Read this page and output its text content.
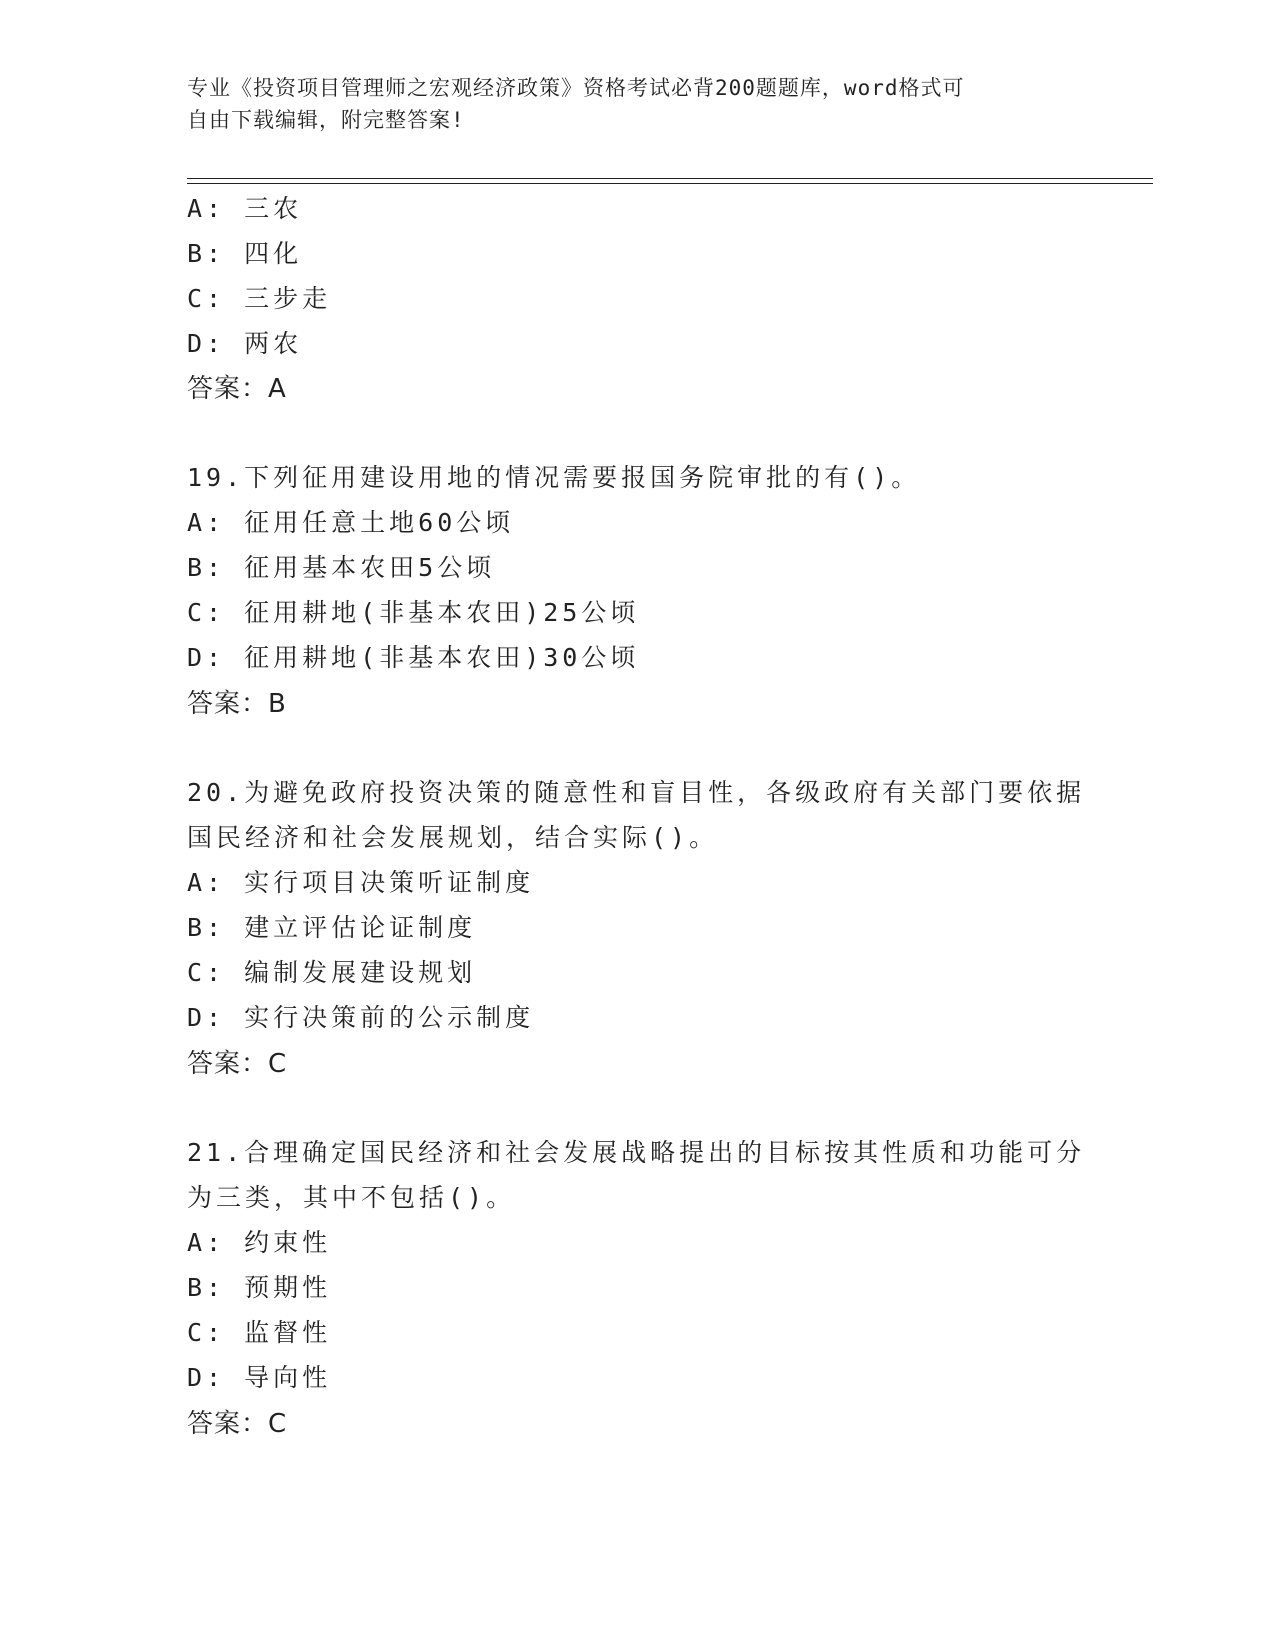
专业《投资项目管理师之宏观经济政策》资格考试必背200题题库，word格式可
自由下载编辑，附完整答案!
A: 三农
B: 四化
C: 三步走
D: 两农
答案：A
19.下列征用建设用地的情况需要报国务院审批的有()。
A: 征用任意土地60公顷
B: 征用基本农田5公顷
C: 征用耕地(非基本农田)25公顷
D: 征用耕地(非基本农田)30公顷
答案：B
20.为避免政府投资决策的随意性和盲目性，各级政府有关部门要依据
国民经济和社会发展规划，结合实际()。
A: 实行项目决策听证制度
B: 建立评估论证制度
C: 编制发展建设规划
D: 实行决策前的公示制度
答案：C
21.合理确定国民经济和社会发展战略提出的目标按其性质和功能可分
为三类，其中不包括()。
A: 约束性
B: 预期性
C: 监督性
D: 导向性
答案：C
